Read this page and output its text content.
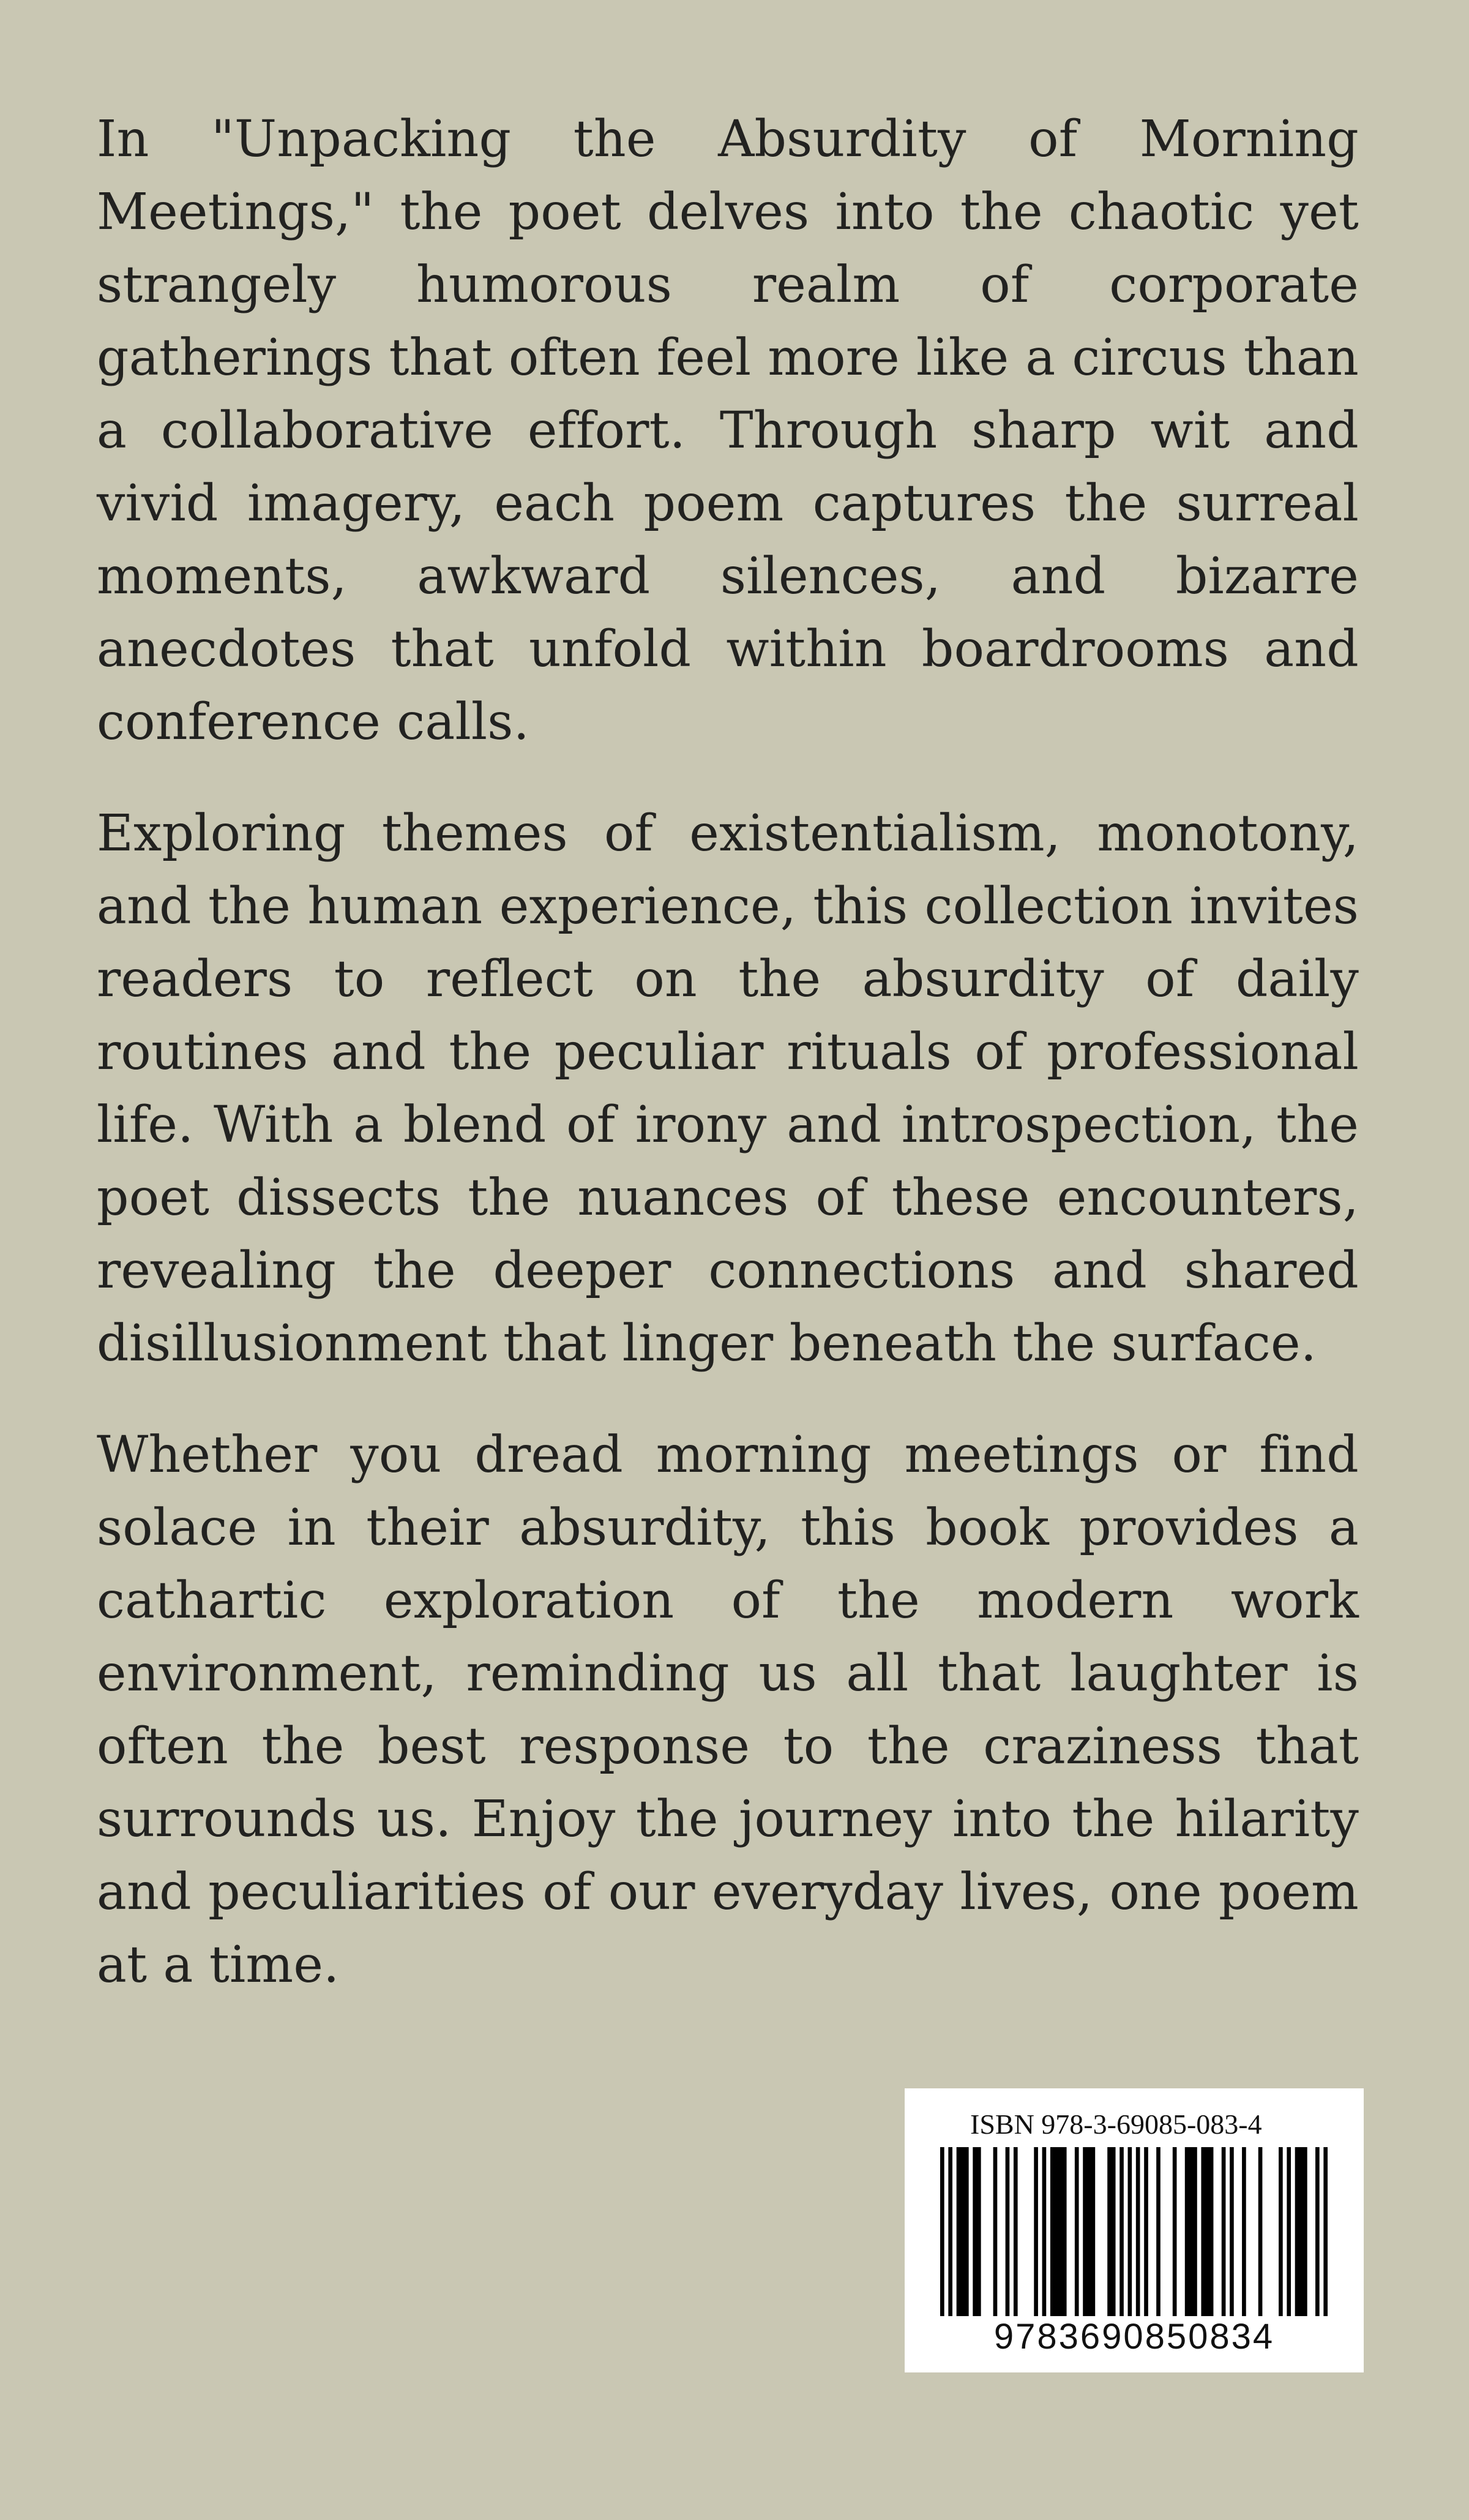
In "Unpacking the Absurdity of Morning Meetings," the poet delves into the chaotic yet strangely humorous realm of corporate gatherings that often feel more like a circus than a collaborative effort. Through sharp wit and vivid imagery, each poem captures the surreal moments, awkward silences, and bizarre anecdotes that unfold within boardrooms and conference calls.

Exploring themes of existentialism, monotony, and the human experience, this collection invites readers to reflect on the absurdity of daily routines and the peculiar rituals of professional life. With a blend of irony and introspection, the poet dissects the nuances of these encounters, revealing the deeper connections and shared disillusionment that linger beneath the surface.

Whether you dread morning meetings or find solace in their absurdity, this book provides a cathartic exploration of the modern work environment, reminding us all that laughter is often the best response to the craziness that surrounds us. Enjoy the journey into the hilarity and peculiarities of our everyday lives, one poem at a time.

ISBN 978-3-69085-083-4
9783690850834
